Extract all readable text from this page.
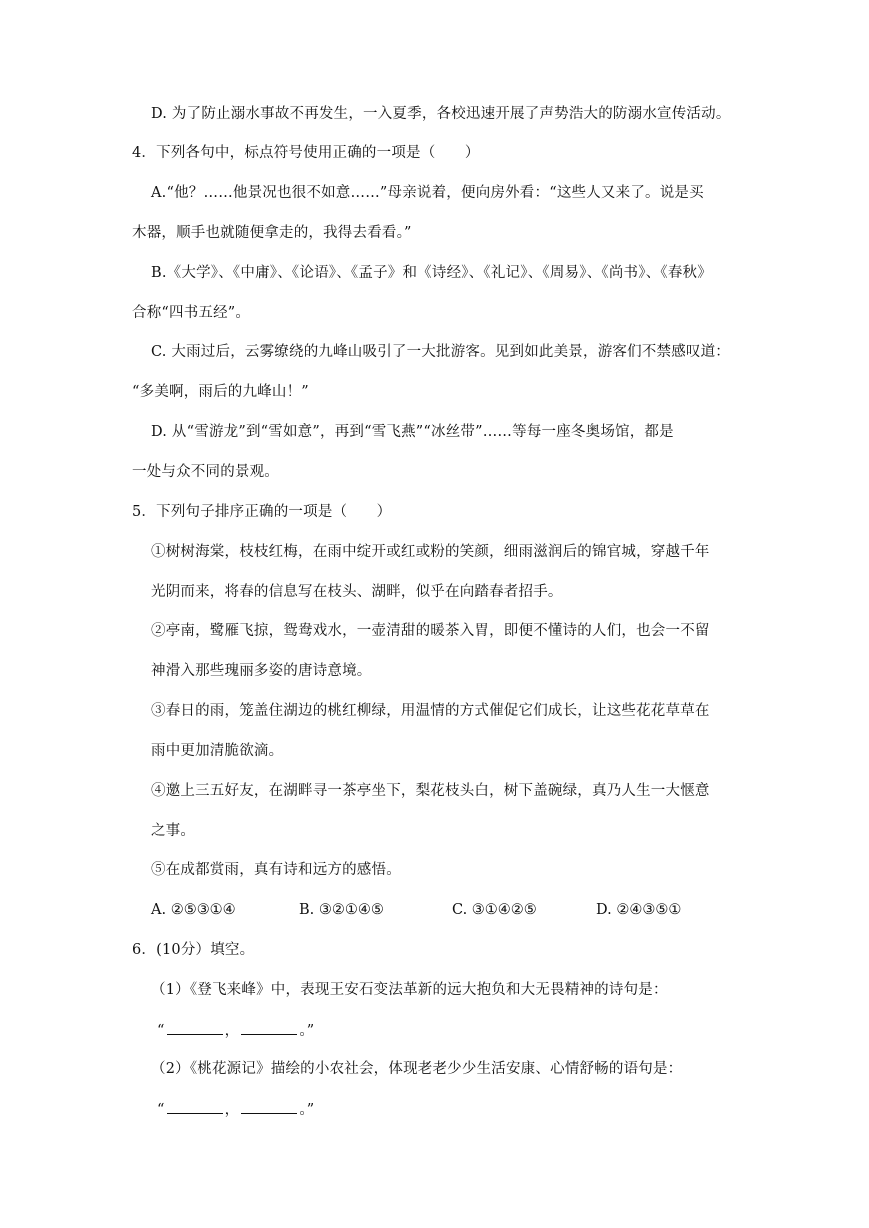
D. 为了防止溺水事故不再发生，一入夏季，各校迅速开展了声势浩大的防溺水宣传活动。
4．下列各句中，标点符号使用正确的一项是（　　）
A.“他？……他景况也很不如意……”母亲说着，便向房外看：“这些人又来了。说是买
木器，顺手也就随便拿走的，我得去看看。”
B.《大学》、《中庸》、《论语》、《孟子》和《诗经》、《礼记》、《周易》、《尚书》、《春秋》
合称“四书五经”。
C. 大雨过后，云雾缭绕的九峰山吸引了一大批游客。见到如此美景，游客们不禁感叹道：
“多美啊，雨后的九峰山！”
D. 从“雪游龙”到“雪如意”，再到“雪飞燕”“冰丝带”……等每一座冬奥场馆，都是
一处与众不同的景观。
5．下列句子排序正确的一项是（　　）
①树树海棠，枝枝红梅，在雨中绽开或红或粉的笑颜，细雨滋润后的锦官城，穿越千年
光阴而来，将春的信息写在枝头、湖畔，似乎在向踏春者招手。
②亭南，鹭雁飞掠，鸳鸯戏水，一壶清甜的暖茶入胃，即便不懂诗的人们，也会一不留
神滑入那些瑰丽多姿的唐诗意境。
③春日的雨，笼盖住湖边的桃红柳绿，用温情的方式催促它们成长，让这些花花草草在
雨中更加清脆欲滴。
④邀上三五好友，在湖畔寻一茶亭坐下，梨花枝头白，树下盖碗绿，真乃人生一大惬意
之事。
⑤在成都赏雨，真有诗和远方的感悟。
A. ②⑤③①④	B. ③②①④⑤	C. ③①④②⑤	D. ②④③⑤①
6．(10分）填空。
（1）《登飞来峰》中，表现王安石变法革新的远大抱负和大无畏精神的诗句是：
“	，	。”
（2）《桃花源记》描绘的小农社会，体现老老少少生活安康、心情舒畅的语句是：
“	，	。”
